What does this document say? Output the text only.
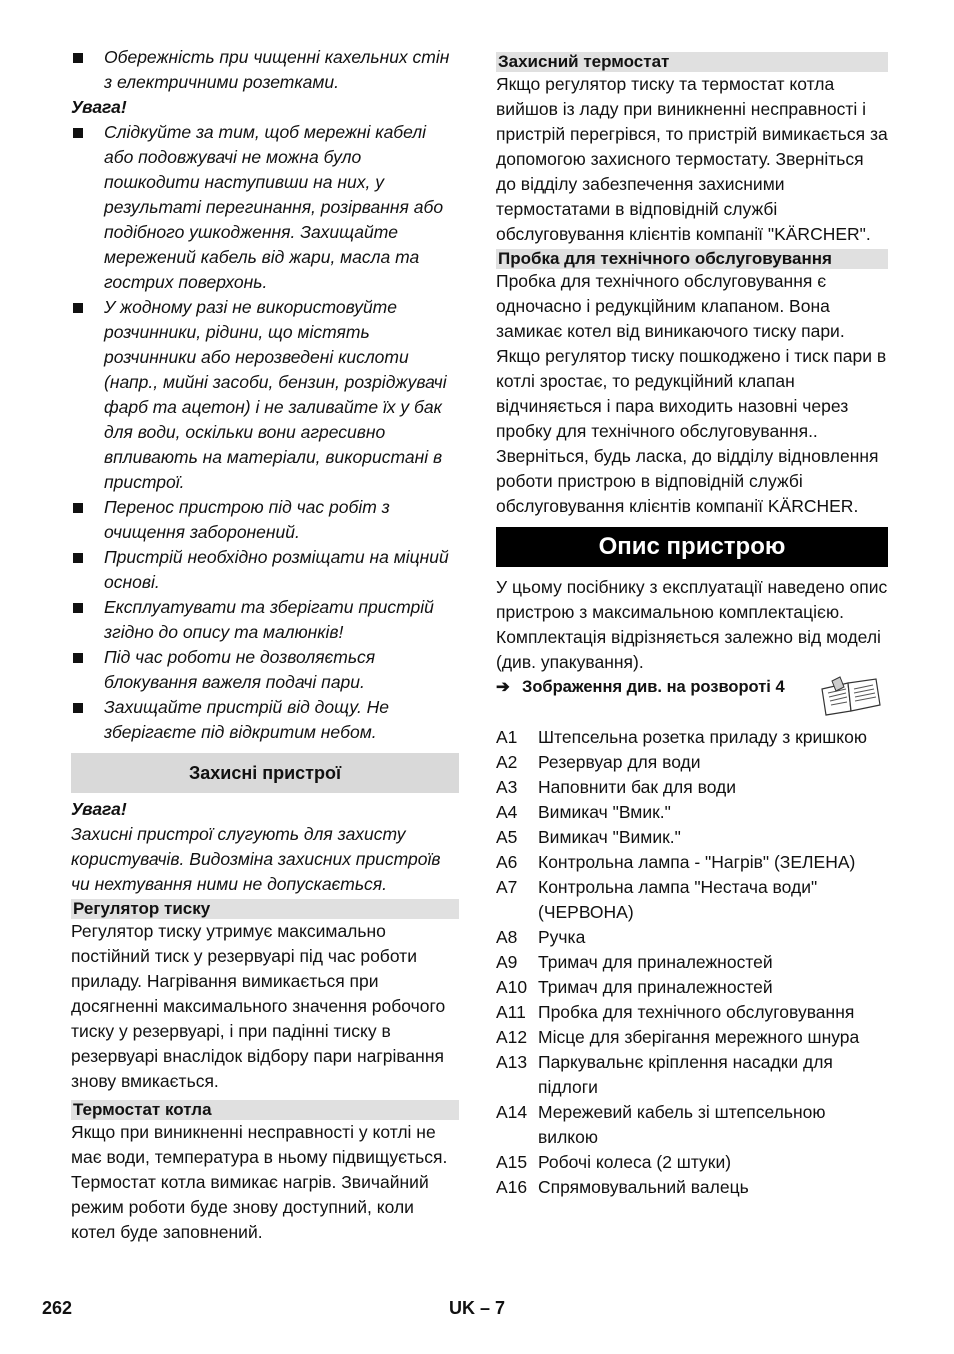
Обережність при чищенні кахельних стін з електричними розетками.
Увага!
Слідкуйте за тим, щоб мережні кабелі або подовжувачі не можна було пошкодити наступивши на них, у результаті перегинання, розірвання або подібного ушкодження. Захищайте мережений кабель від жари, масла та гострих поверхонь.
У жодному разі не використовуйте розчинники, рідини, що містять розчинники або нерозведені кислоти (напр., мийні засоби, бензин, розріджувачі фарб та ацетон) і не заливайте їх у бак для води, оскільки вони агресивно впливають на матеріали, використані в пристрої.
Перенос пристрою під час робіт з очищення заборонений.
Пристрій необхідно розміщати на міцний основі.
Експлуатувати та зберігати пристрій згідно до опису та малюнків!
Під час роботи не дозволяється блокування важеля подачі пари.
Захищайте пристрій від дощу. Не зберігаєте під відкритим небом.
Захисні пристрої
Увага!
Захисні пристрої слугують для захисту користувачів. Видозміна захисних пристроїв чи нехтування ними не допускається.
Регулятор тиску
Регулятор тиску утримує максимально постійний тиск у резервуарі під час роботи приладу. Нагрівання вимикається при досягненні максимального значення робочого тиску у резервуарі, і при падінні тиску в резервуарі внаслідок відбору пари нагрівання знову вмикається.
Термостат котла
Якщо при виникненні несправності у котлі не має води, температура в ньому підвищується. Термостат котла вимикає нагрів. Звичайний режим роботи буде знову доступний, коли котел буде заповнений.
Захисний термостат
Якщо регулятор тиску та термостат котла вийшов із ладу при виникненні несправності і пристрій перегрівся, то пристрій вимикається за допомогою захисного термостату. Зверніться до відділу забезпечення захисними термостатами в відповідній службі обслуговування клієнтів компанії "KÄRCHER".
Пробка для технічного обслуговування
Пробка для технічного обслуговування є одночасно і редукційним клапаном. Вона замикає котел від виникаючого тиску пари. Якщо регулятор тиску пошкоджено і тиск пари в котлі зростає, то редукційний клапан відчиняється і пара виходить назовні через пробку для технічного обслуговування.. Зверніться, будь ласка, до відділу відновлення роботи пристрою в відповідній службі обслуговування клієнтів компанії KÄRCHER.
Опис пристрою
У цьому посібнику з експлуатації наведено опис пристрою з максимальною комплектацією. Комплектація відрізняється залежно від моделі (див. упакування).
➔ Зображення див. на розвороті 4
A1 Штепсельна розетка приладу з кришкою
A2 Резервуар для води
A3 Наповнити бак для води
A4 Вимикач "Вмик."
A5 Вимикач "Вимик."
A6 Контрольна лампа - "Нагрів" (ЗЕЛЕНА)
A7 Контрольна лампа "Нестача води" (ЧЕРВОНА)
A8 Ручка
A9 Тримач для приналежностей
A10 Тримач для приналежностей
A11 Пробка для технічного обслуговування
A12 Місце для зберігання мережного шнура
A13 Паркувальнє кріплення насадки для підлоги
A14 Мережевий кабель зі штепсельною вилкою
A15 Робочі колеса (2 штуки)
A16 Спрямовувальний валець
262	UK – 7
